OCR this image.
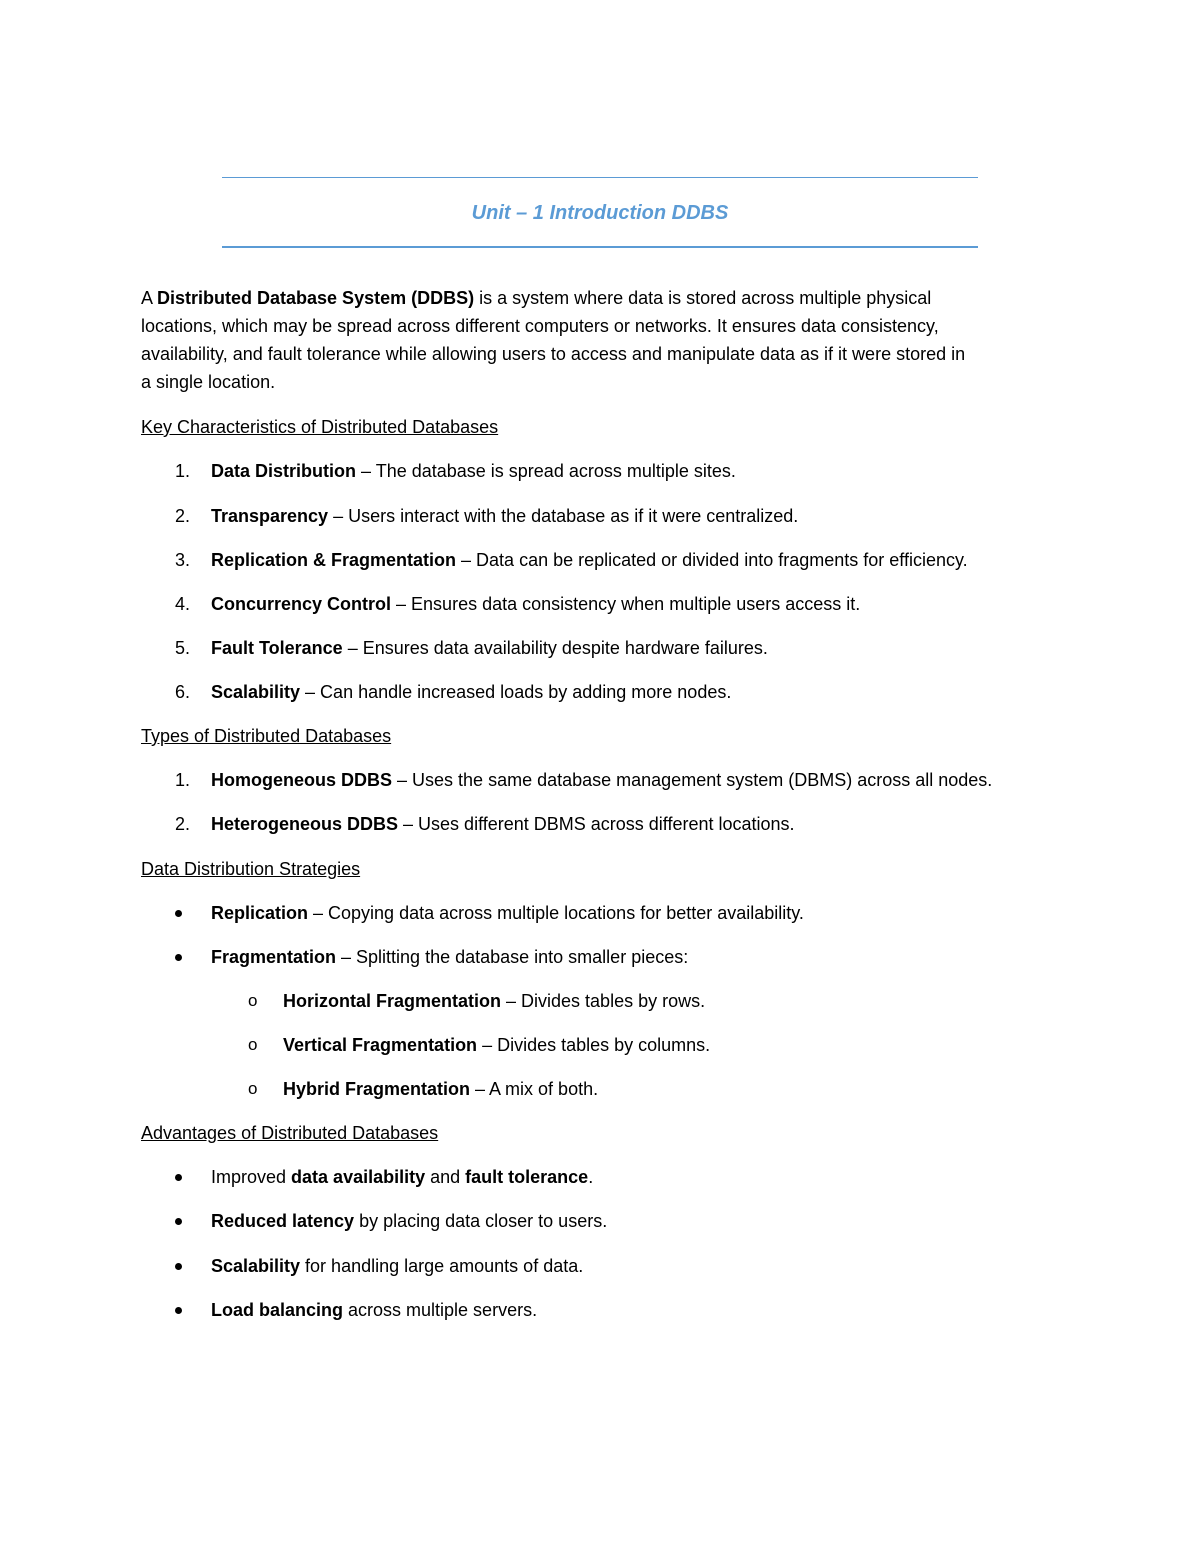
Unit – 1 Introduction DDBS
A Distributed Database System (DDBS) is a system where data is stored across multiple physical
locations, which may be spread across different computers or networks. It ensures data consistency,
availability, and fault tolerance while allowing users to access and manipulate data as if it were stored in
a single location.
Key Characteristics of Distributed Databases
1. Data Distribution – The database is spread across multiple sites.
2. Transparency – Users interact with the database as if it were centralized.
3. Replication & Fragmentation – Data can be replicated or divided into fragments for efficiency.
4. Concurrency Control – Ensures data consistency when multiple users access it.
5. Fault Tolerance – Ensures data availability despite hardware failures.
6. Scalability – Can handle increased loads by adding more nodes.
Types of Distributed Databases
1. Homogeneous DDBS – Uses the same database management system (DBMS) across all nodes.
2. Heterogeneous DDBS – Uses different DBMS across different locations.
Data Distribution Strategies
Replication – Copying data across multiple locations for better availability.
Fragmentation – Splitting the database into smaller pieces:
o Horizontal Fragmentation – Divides tables by rows.
o Vertical Fragmentation – Divides tables by columns.
o Hybrid Fragmentation – A mix of both.
Advantages of Distributed Databases
Improved data availability and fault tolerance.
Reduced latency by placing data closer to users.
Scalability for handling large amounts of data.
Load balancing across multiple servers.
